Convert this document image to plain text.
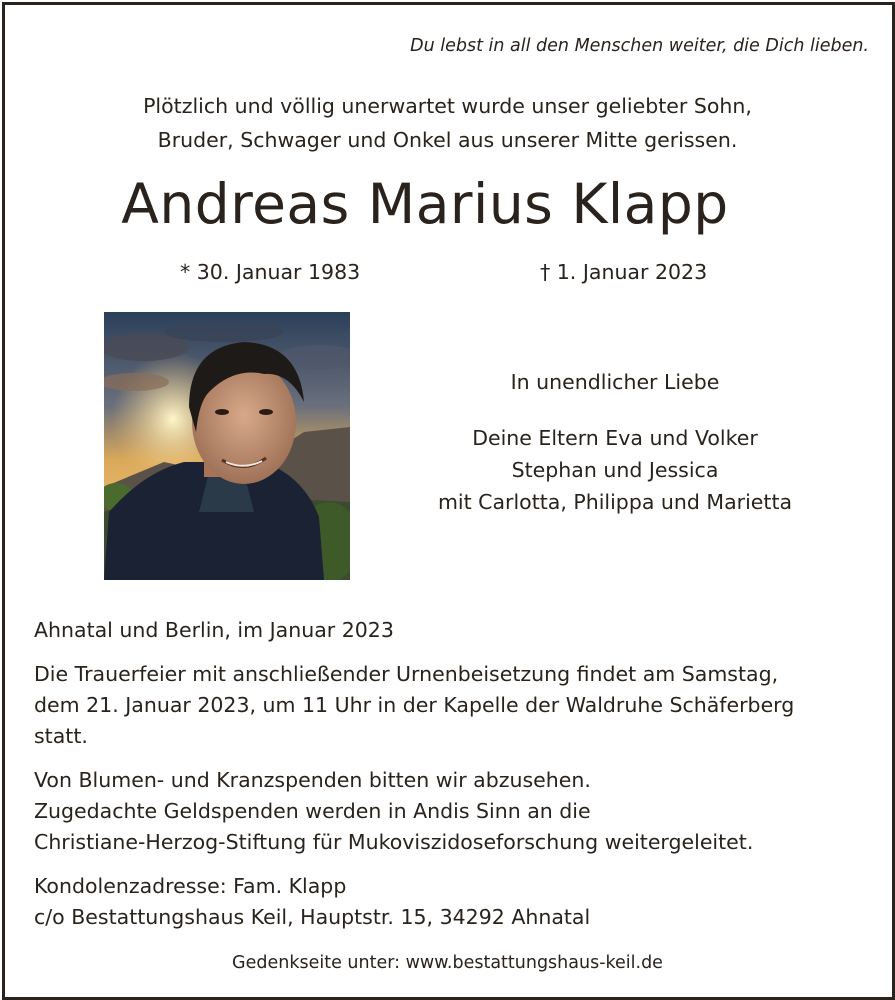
Du lebst in all den Menschen weiter, die Dich lieben.
Plötzlich und völlig unerwartet wurde unser geliebter Sohn,
Bruder, Schwager und Onkel aus unserer Mitte gerissen.
Andreas Marius Klapp
* 30. Januar 1983	† 1. Januar 2023
In unendlicher Liebe
Deine Eltern Eva und Volker
Stephan und Jessica
mit Carlotta, Philippa und Marietta
Ahnatal und Berlin, im Januar 2023
Die Trauerfeier mit anschließender Urnenbeisetzung findet am Samstag,
dem 21. Januar 2023, um 11 Uhr in der Kapelle der Waldruhe Schäferberg
statt.
Von Blumen- und Kranzspenden bitten wir abzusehen.
Zugedachte Geldspenden werden in Andis Sinn an die
Christiane-Herzog-Stiftung für Mukoviszidoseforschung weitergeleitet.
Kondolenzadresse: Fam. Klapp
c/o Bestattungshaus Keil, Hauptstr. 15, 34292 Ahnatal
Gedenkseite unter: www.bestattungshaus-keil.de
